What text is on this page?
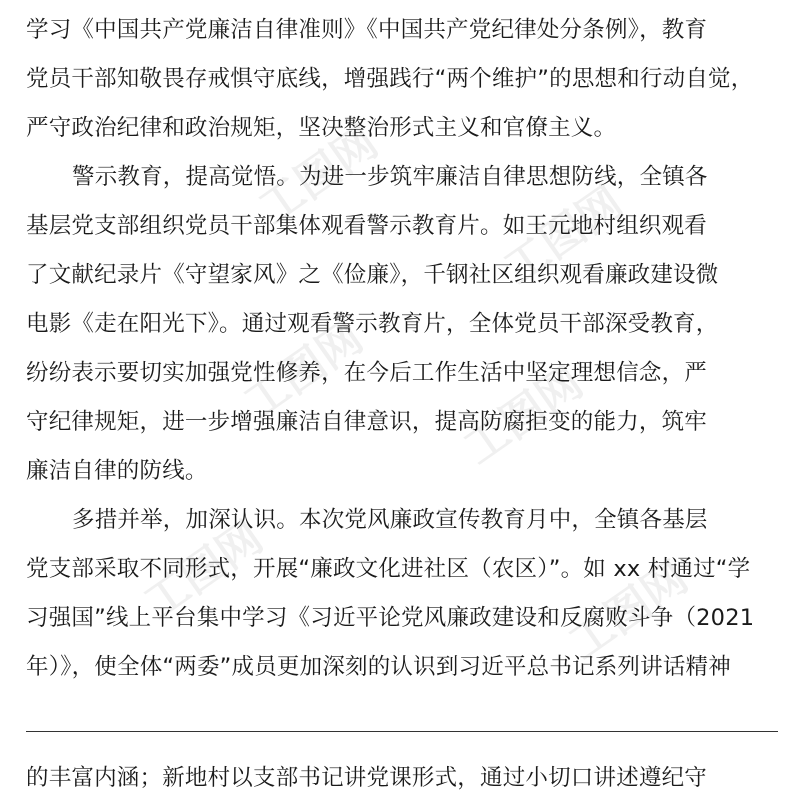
工图网
工图网
工图网 工图网
工图网	工图网
学习《中国共产党廉洁自律准则》《中国共产党纪律处分条例》，教育
党员干部知敬畏存戒惧守底线，增强践行“两个维护”的思想和行动自觉，
严守政治纪律和政治规矩，坚决整治形式主义和官僚主义。
警示教育，提高觉悟。为进一步筑牢廉洁自律思想防线，全镇各
基层党支部组织党员干部集体观看警示教育片。如王元地村组织观看
了文献纪录片《守望家风》之《俭廉》，千钢社区组织观看廉政建设微
电影《走在阳光下》。通过观看警示教育片，全体党员干部深受教育，
纷纷表示要切实加强党性修养，在今后工作生活中坚定理想信念，严
守纪律规矩，进一步增强廉洁自律意识，提高防腐拒变的能力，筑牢
廉洁自律的防线。
多措并举，加深认识。本次党风廉政宣传教育月中，全镇各基层
党支部采取不同形式，开展“廉政文化进社区（农区）”。如 xx 村通过“学
习强国”线上平台集中学习《习近平论党风廉政建设和反腐败斗争（2021
年）》，使全体“两委”成员更加深刻的认识到习近平总书记系列讲话精神
的丰富内涵；新地村以支部书记讲党课形式，通过小切口讲述遵纪守
